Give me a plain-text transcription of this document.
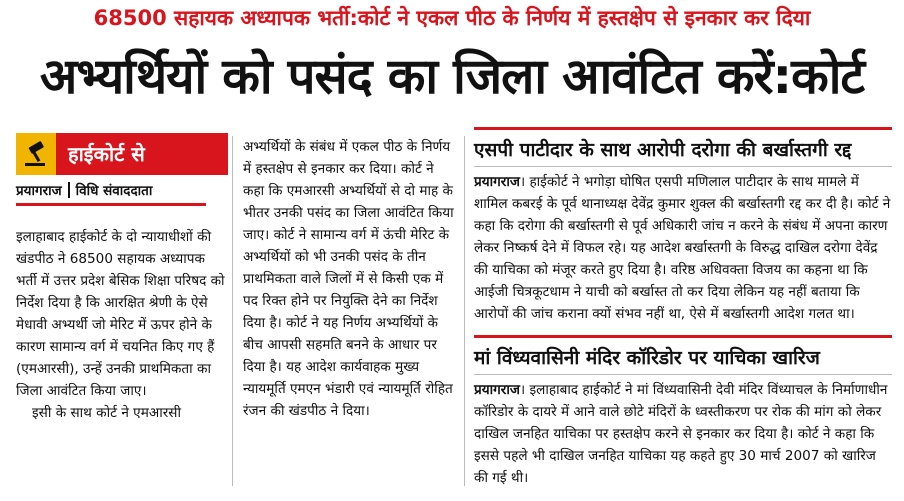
68500 सहायक अध्यापक भर्ती:कोर्ट ने एकल पीठ के निर्णय में हस्तक्षेप से इनकार कर दिया
अभ्यर्थियों को पसंद का जिला आवंटित करें:कोर्ट
हाईकोर्ट से
प्रयागराज विधि संवाददाता
इलाहाबाद हाईकोर्ट के दो न्यायाधीशों की खंडपीठ ने 68500 सहायक अध्यापक भर्ती में उत्तर प्रदेश बेसिक शिक्षा परिषद को निर्देश दिया है कि आरक्षित श्रेणी के ऐसे मेधावी अभ्यर्थी जो मेरिट में ऊपर होने के कारण सामान्य वर्ग में चयनित किए गए हैं (एमआरसी), उन्हें उनकी प्राथमिकता का जिला आवंटित किया जाए।
इसी के साथ कोर्ट ने एमआरसी
अभ्यर्थियों के संबंध में एकल पीठ के निर्णय में हस्तक्षेप से इनकार कर दिया। कोर्ट ने कहा कि एमआरसी अभ्यर्थियों से दो माह के भीतर उनकी पसंद का जिला आवंटित किया जाए। कोर्ट ने सामान्य वर्ग में ऊंची मेरिट के अभ्यर्थियों को भी उनकी पसंद के तीन प्राथमिकता वाले जिलों में से किसी एक में पद रिक्त होने पर नियुक्ति देने का निर्देश दिया है। कोर्ट ने यह निर्णय अभ्यर्थियों के बीच आपसी सहमति बनने के आधार पर दिया है। यह आदेश कार्यवाहक मुख्य न्यायमूर्ति एमएन भंडारी एवं न्यायमूर्ति रोहित रंजन की खंडपीठ ने दिया।
एसपी पाटीदार के साथ आरोपी दरोगा की बर्खास्तगी रद्द
प्रयागराज। हाईकोर्ट ने भगोड़ा घोषित एसपी मणिलाल पाटीदार के साथ मामले में शामिल कबरई के पूर्व थानाध्यक्ष देवेंद्र कुमार शुक्ल की बर्खास्तगी रद्द कर दी है। कोर्ट ने कहा कि दरोगा की बर्खास्तगी से पूर्व अधिकारी जांच न करने के संबंध में अपना कारण लेकर निष्कर्ष देने में विफल रहे। यह आदेश बर्खास्तगी के विरुद्ध दाखिल दरोगा देवेंद्र की याचिका को मंजूर करते हुए दिया है। वरिष्ठ अधिवक्ता विजय का कहना था कि आईजी चित्रकूटधाम ने याची को बर्खास्त तो कर दिया लेकिन यह नहीं बताया कि आरोपों की जांच कराना क्यों संभव नहीं था, ऐसे में बर्खास्तगी आदेश गलत था।
मां विंध्यवासिनी मंदिर कॉरिडोर पर याचिका खारिज
प्रयागराज। इलाहाबाद हाईकोर्ट ने मां विंध्यवासिनी देवी मंदिर विंध्याचल के निर्माणाधीन कॉरिडोर के दायरे में आने वाले छोटे मंदिरों के ध्वस्तीकरण पर रोक की मांग को लेकर दाखिल जनहित याचिका पर हस्तक्षेप करने से इनकार कर दिया है। कोर्ट ने कहा कि इससे पहले भी दाखिल जनहित याचिका यह कहते हुए 30 मार्च 2007 को खारिज की गई थी।
